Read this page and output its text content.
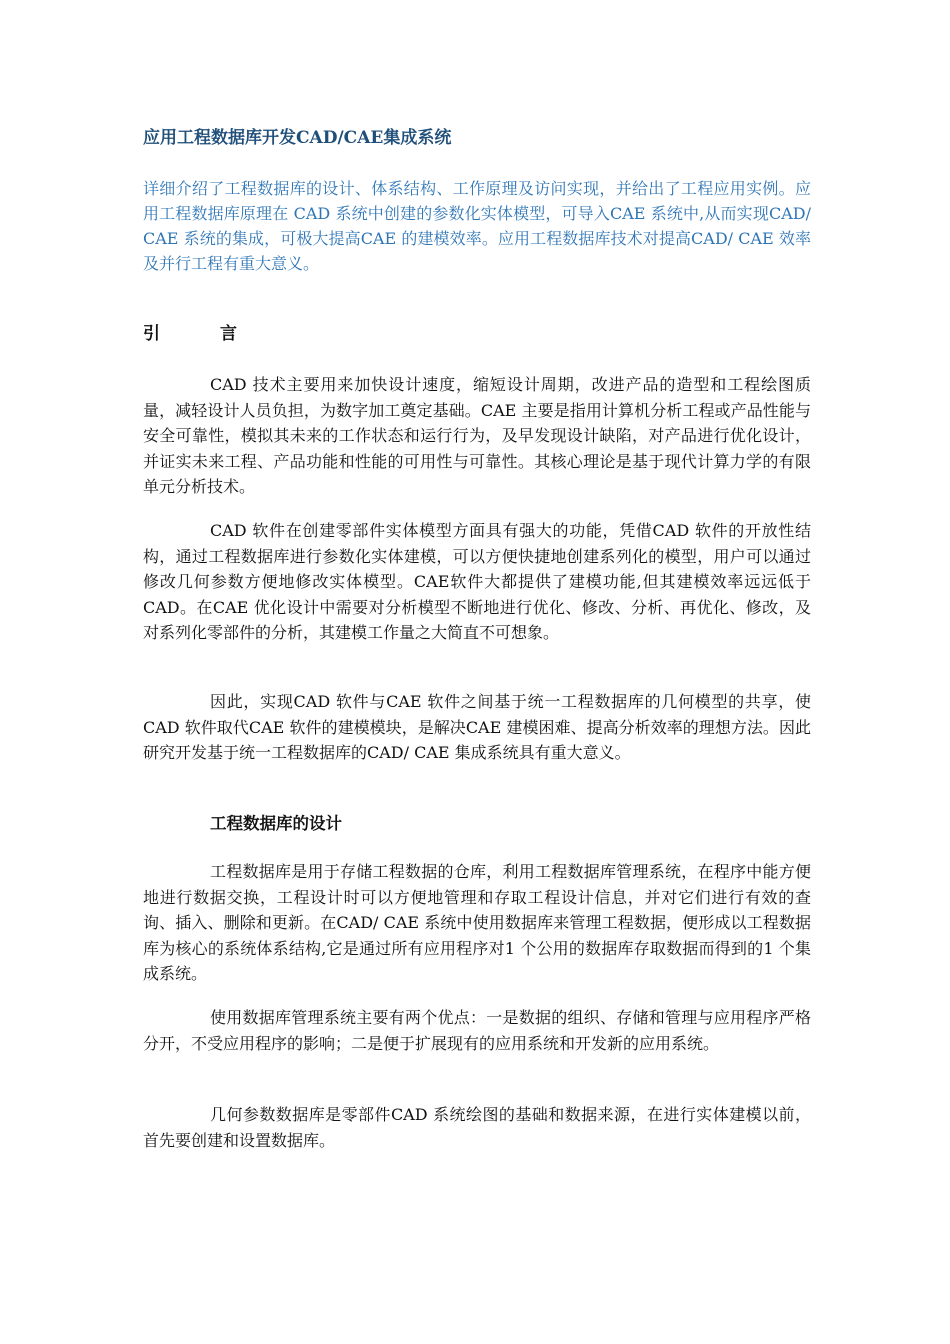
应用工程数据库开发CAD/CAE集成系统

详细介绍了工程数据库的设计、体系结构、工作原理及访问实现，并给出了工程应用实例。应用工程数据库原理在 CAD 系统中创建的参数化实体模型，可导入CAE 系统中,从而实现CAD/ CAE 系统的集成，可极大提高CAE 的建模效率。应用工程数据库技术对提高CAD/ CAE 效率及并行工程有重大意义。

引	言

CAD 技术主要用来加快设计速度，缩短设计周期，改进产品的造型和工程绘图质量，减轻设计人员负担，为数字加工奠定基础。CAE 主要是指用计算机分析工程或产品性能与安全可靠性，模拟其未来的工作状态和运行行为，及早发现设计缺陷，对产品进行优化设计，并证实未来工程、产品功能和性能的可用性与可靠性。其核心理论是基于现代计算力学的有限单元分析技术。

CAD 软件在创建零部件实体模型方面具有强大的功能，凭借CAD 软件的开放性结构，通过工程数据库进行参数化实体建模，可以方便快捷地创建系列化的模型，用户可以通过修改几何参数方便地修改实体模型。CAE软件大都提供了建模功能,但其建模效率远远低于CAD。在CAE 优化设计中需要对分析模型不断地进行优化、修改、分析、再优化、修改，及对系列化零部件的分析，其建模工作量之大简直不可想象。

因此，实现CAD 软件与CAE 软件之间基于统一工程数据库的几何模型的共享，使CAD 软件取代CAE 软件的建模模块，是解决CAE 建模困难、提高分析效率的理想方法。因此研究开发基于统一工程数据库的CAD/ CAE 集成系统具有重大意义。

工程数据库的设计

工程数据库是用于存储工程数据的仓库，利用工程数据库管理系统，在程序中能方便地进行数据交换，工程设计时可以方便地管理和存取工程设计信息，并对它们进行有效的查询、插入、删除和更新。在CAD/ CAE 系统中使用数据库来管理工程数据，便形成以工程数据库为核心的系统体系结构,它是通过所有应用程序对1 个公用的数据库存取数据而得到的1 个集成系统。

使用数据库管理系统主要有两个优点：一是数据的组织、存储和管理与应用程序严格分开，不受应用程序的影响；二是便于扩展现有的应用系统和开发新的应用系统。

几何参数数据库是零部件CAD 系统绘图的基础和数据来源，在进行实体建模以前，首先要创建和设置数据库。
